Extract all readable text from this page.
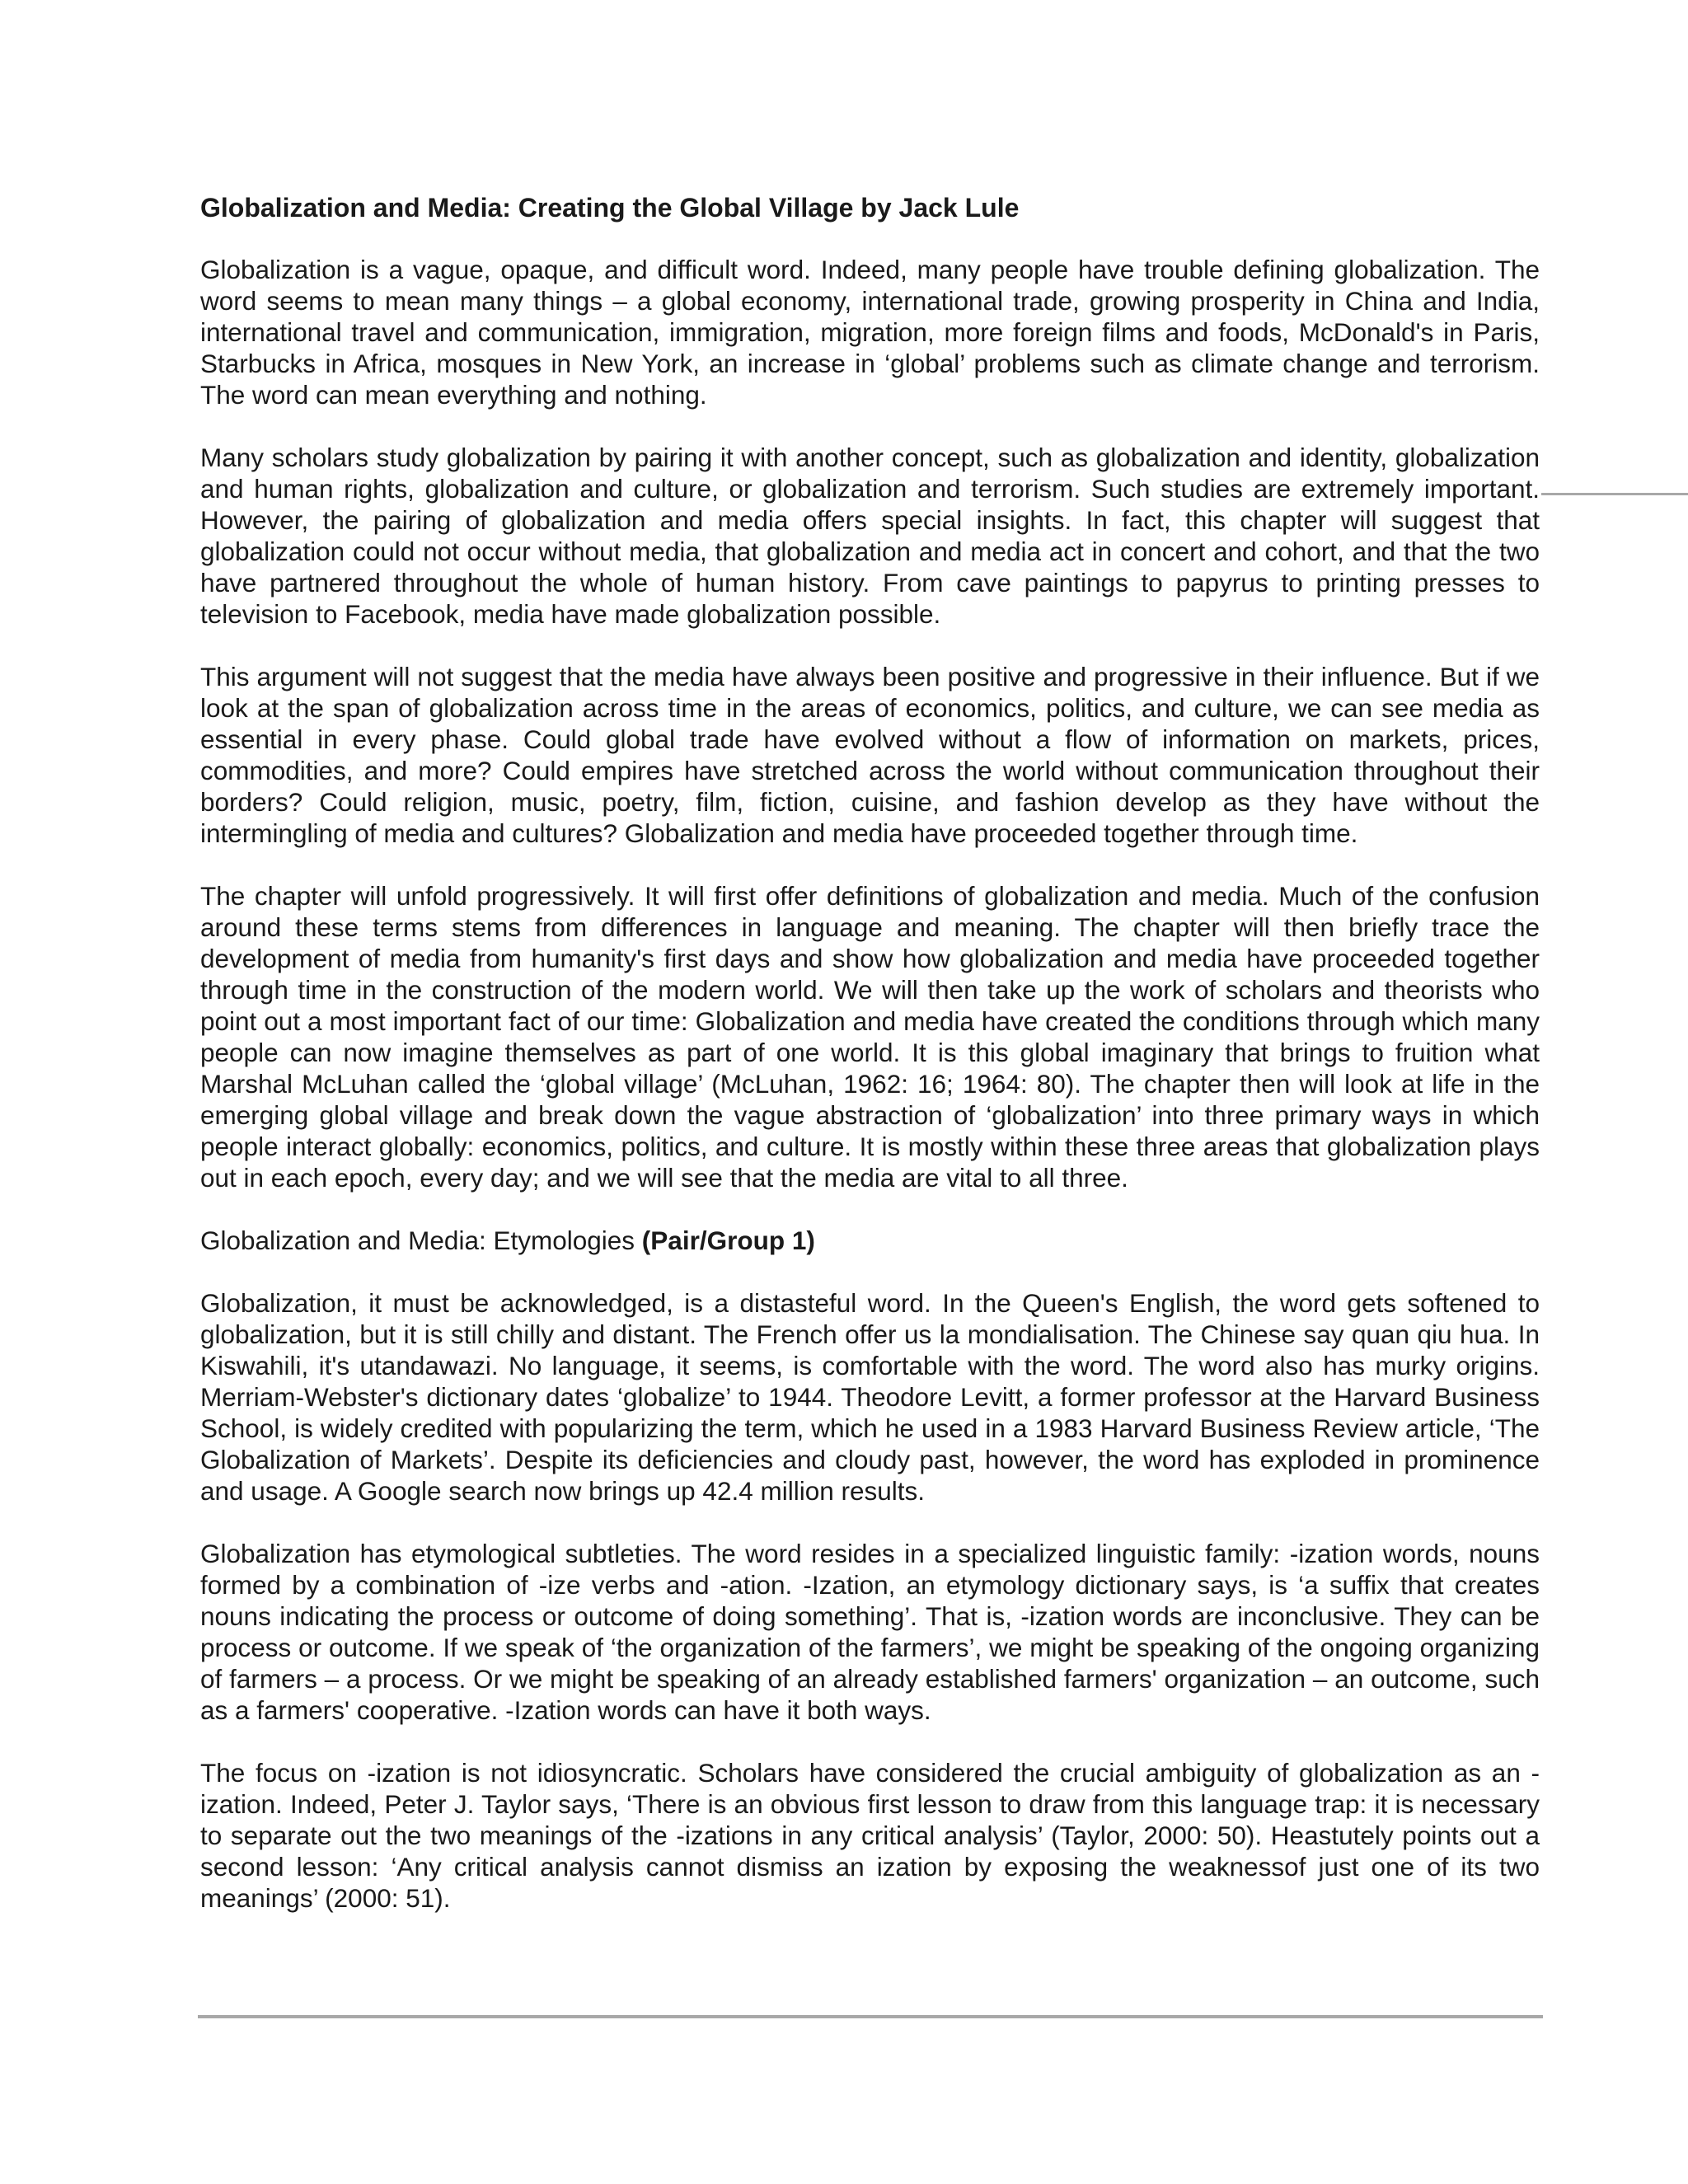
Globalization and Media: Creating the Global Village by Jack Lule

Globalization is a vague, opaque, and difficult word. Indeed, many people have trouble defining globalization. The word seems to mean many things – a global economy, international trade, growing prosperity in China and India, international travel and communication, immigration, migration, more foreign films and foods, McDonald's in Paris, Starbucks in Africa, mosques in New York, an increase in ‘global’ problems such as climate change and terrorism. The word can mean everything and nothing.

Many scholars study globalization by pairing it with another concept, such as globalization and identity, globalization and human rights, globalization and culture, or globalization and terrorism. Such studies are extremely important. However, the pairing of globalization and media offers special insights. In fact, this chapter will suggest that globalization could not occur without media, that globalization and media act in concert and cohort, and that the two have partnered throughout the whole of human history. From cave paintings to papyrus to printing presses to television to Facebook, media have made globalization possible.

This argument will not suggest that the media have always been positive and progressive in their influence. But if we look at the span of globalization across time in the areas of economics, politics, and culture, we can see media as essential in every phase. Could global trade have evolved without a flow of information on markets, prices, commodities, and more? Could empires have stretched across the world without communication throughout their borders? Could religion, music, poetry, film, fiction, cuisine, and fashion develop as they have without the intermingling of media and cultures? Globalization and media have proceeded together through time.

The chapter will unfold progressively. It will first offer definitions of globalization and media. Much of the confusion around these terms stems from differences in language and meaning. The chapter will then briefly trace the development of media from humanity's first days and show how globalization and media have proceeded together through time in the construction of the modern world. We will then take up the work of scholars and theorists who point out a most important fact of our time: Globalization and media have created the conditions through which many people can now imagine themselves as part of one world. It is this global imaginary that brings to fruition what Marshal McLuhan called the ‘global village’ (McLuhan, 1962: 16; 1964: 80). The chapter then will look at life in the emerging global village and break down the vague abstraction of ‘globalization’ into three primary ways in which people interact globally: economics, politics, and culture. It is mostly within these three areas that globalization plays out in each epoch, every day; and we will see that the media are vital to all three.

Globalization and Media: Etymologies (Pair/Group 1)

Globalization, it must be acknowledged, is a distasteful word. In the Queen's English, the word gets softened to globalization, but it is still chilly and distant. The French offer us la mondialisation. The Chinese say quan qiu hua. In Kiswahili, it's utandawazi. No language, it seems, is comfortable with the word. The word also has murky origins. Merriam-Webster's dictionary dates ‘globalize’ to 1944. Theodore Levitt, a former professor at the Harvard Business School, is widely credited with popularizing the term, which he used in a 1983 Harvard Business Review article, ‘The Globalization of Markets’. Despite its deficiencies and cloudy past, however, the word has exploded in prominence and usage. A Google search now brings up 42.4 million results.

Globalization has etymological subtleties. The word resides in a specialized linguistic family: -ization words, nouns formed by a combination of -ize verbs and -ation. -Ization, an etymology dictionary says, is ‘a suffix that creates nouns indicating the process or outcome of doing something’. That is, -ization words are inconclusive. They can be process or outcome. If we speak of ‘the organization of the farmers’, we might be speaking of the ongoing organizing of farmers – a process. Or we might be speaking of an already established farmers' organization – an outcome, such as a farmers' cooperative. -Ization words can have it both ways.

The focus on -ization is not idiosyncratic. Scholars have considered the crucial ambiguity of globalization as an -ization. Indeed, Peter J. Taylor says, ‘There is an obvious first lesson to draw from this language trap: it is necessary to separate out the two meanings of the -izations in any critical analysis’ (Taylor, 2000: 50). Heastutely points out a second lesson: ‘Any critical analysis cannot dismiss an ization by exposing the weaknessof just one of its two meanings’ (2000: 51).
